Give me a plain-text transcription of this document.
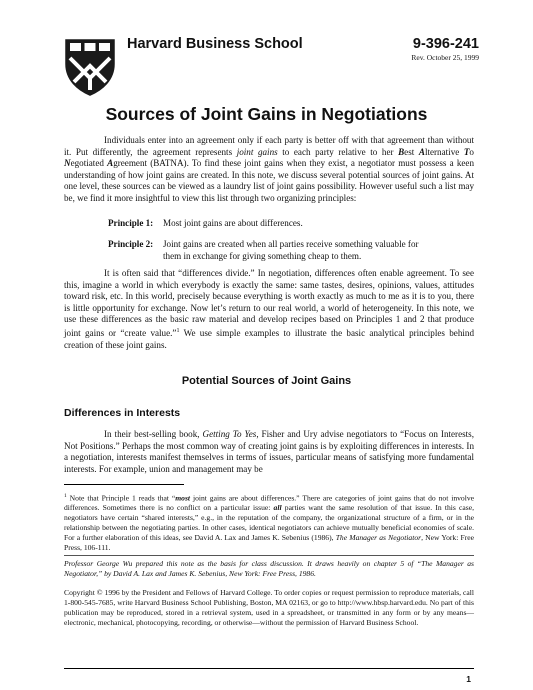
Harvard Business School	9-396-241
Rev. October 25, 1999
Sources of Joint Gains in Negotiations
Individuals enter into an agreement only if each party is better off with that agreement than without it. Put differently, the agreement represents joint gains to each party relative to her Best Alternative To Negotiated Agreement (BATNA). To find these joint gains when they exist, a negotiator must possess a keen understanding of how joint gains are created. In this note, we discuss several potential sources of joint gains. At one level, these sources can be viewed as a laundry list of joint gains possibility. However useful such a list may be, we find it more insightful to view this list through two organizing principles:
Principle 1: Most joint gains are about differences.
Principle 2: Joint gains are created when all parties receive something valuable for
them in exchange for giving something cheap to them.
It is often said that “differences divide.” In negotiation, differences often enable agreement. To see this, imagine a world in which everybody is exactly the same: same tastes, desires, opinions, values, attitudes toward risk, etc. In this world, precisely because everything is worth exactly as much to me as it is to you, there is little opportunity for exchange. Now let’s return to our real world, a world of heterogeneity. In this note, we use these differences as the basic raw material and develop recipes based on Principles 1 and 2 that produce joint gains or “create value.”$^1$ We use simple examples to illustrate the basic analytical principles behind creation of these joint gains.
Potential Sources of Joint Gains
Differences in Interests
In their best-selling book, Getting To Yes, Fisher and Ury advise negotiators to “Focus on Interests, Not Positions.” Perhaps the most common way of creating joint gains is by exploiting differences in interests. In a negotiation, interests manifest themselves in terms of issues, particular means of satisfying more fundamental interests. For example, union and management may be
$^1$ Note that Principle 1 reads that “most joint gains are about differences.” There are categories of joint gains that do not involve differences. Sometimes there is no conflict on a particular issue: all parties want the same resolution of that issue. In this case, negotiators have certain “shared interests,” e.g., in the reputation of the company, the organizational structure of a firm, or in the relationship between the negotiating parties. In other cases, identical negotiators can achieve mutually beneficial economies of scale. For a further elaboration of this ideas, see David A. Lax and James K. Sebenius (1986), The Manager as Negotiator, New York: Free Press, 106-111.
Professor George Wu prepared this note as the basis for class discussion. It draws heavily on chapter 5 of “The Manager as Negotiator,” by David A. Lax and James K. Sebenius, New York: Free Press, 1986.
Copyright © 1996 by the President and Fellows of Harvard College. To order copies or request permission to reproduce materials, call 1-800-545-7685, write Harvard Business School Publishing, Boston, MA 02163, or go to http://www.hbsp.harvard.edu. No part of this publication may be reproduced, stored in a retrieval system, used in a spreadsheet, or transmitted in any form or by any means—electronic, mechanical, photocopying, recording, or otherwise—without the permission of Harvard Business School.
1
